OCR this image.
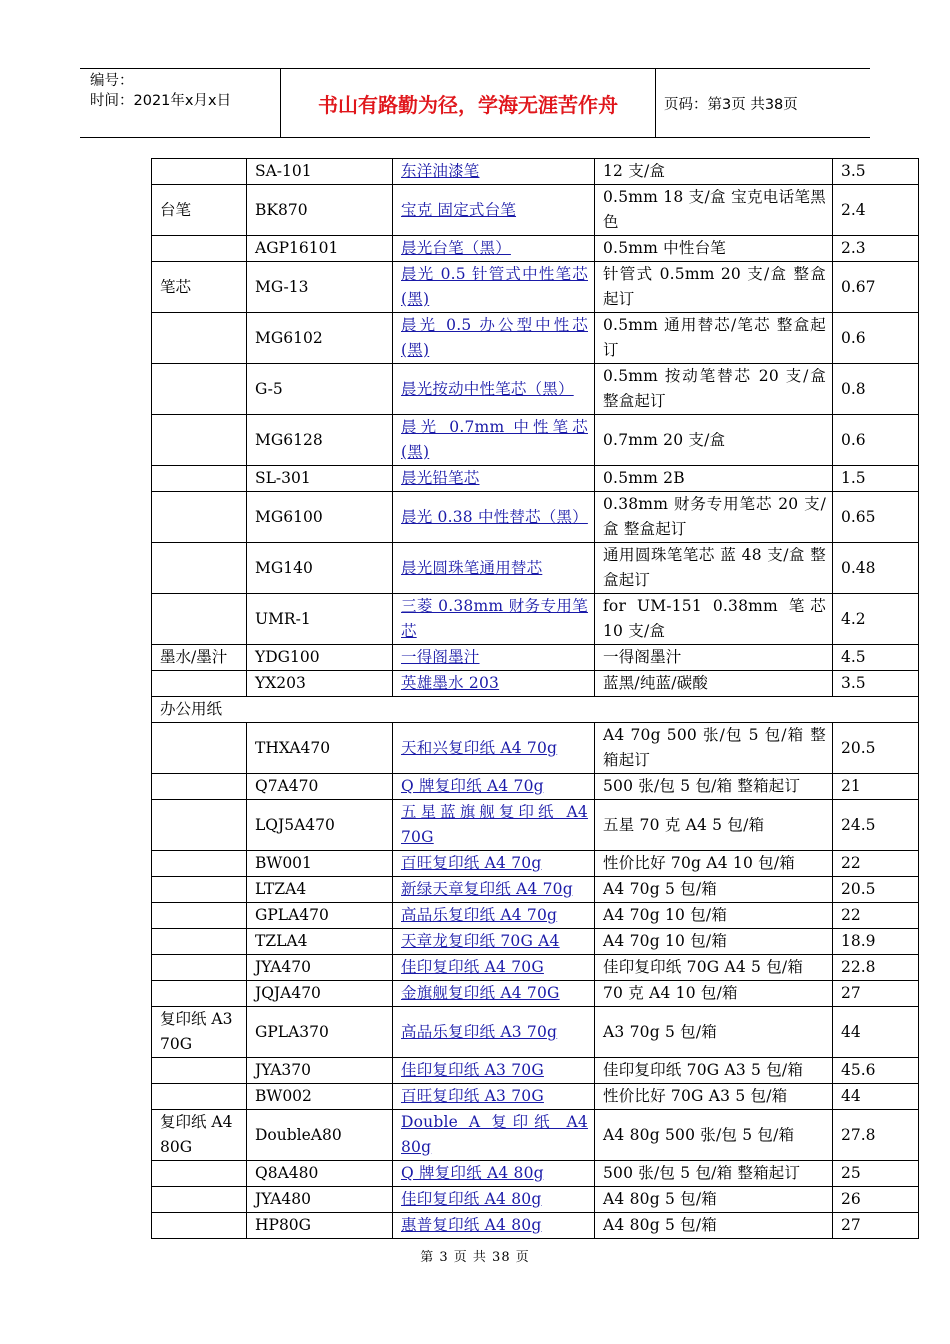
编号：
时间：2021年x月x日	书山有路勤为径，学海无涯苦作舟	页码：第3页 共38页
	SA-101	东洋油漆笔	12 支/盒	3.5
台笔	BK870	宝克 固定式台笔	0.5mm 18 支/盒 宝克电话笔黑色	2.4
	AGP16101	晨光台笔（黑）	0.5mm 中性台笔	2.3
笔芯	MG-13	晨光 0.5 针管式中性笔芯(黑)	针管式 0.5mm 20 支/盒 整盒起订	0.67
	MG6102	晨光 0.5 办公型中性芯(黑)	0.5mm 通用替芯/笔芯 整盒起订	0.6
	G-5	晨光按动中性笔芯（黑）	0.5mm 按动笔替芯 20 支/盒 整盒起订	0.8
	MG6128	晨光 0.7mm 中性笔芯(黑)	0.7mm 20 支/盒	0.6
	SL-301	晨光铅笔芯	0.5mm 2B	1.5
	MG6100	晨光 0.38 中性替芯（黑）	0.38mm 财务专用笔芯 20 支/盒 整盒起订	0.65
	MG140	晨光圆珠笔通用替芯	通用圆珠笔笔芯 蓝 48 支/盒 整盒起订	0.48
	UMR-1	三菱 0.38mm 财务专用笔芯	for UM-151 0.38mm 笔芯 10 支/盒	4.2
墨水/墨汁	YDG100	一得阁墨汁	一得阁墨汁	4.5
	YX203	英雄墨水 203	蓝黑/纯蓝/碳酸	3.5
办公用纸				
	THXA470	天和兴复印纸 A4 70g	A4 70g 500 张/包 5 包/箱 整箱起订	20.5
	Q7A470	Q 牌复印纸 A4 70g	500 张/包 5 包/箱 整箱起订	21
	LQJ5A470	五星蓝旗舰复印纸 A4 70G	五星 70 克 A4 5 包/箱	24.5
	BW001	百旺复印纸 A4 70g	性价比好 70g A4 10 包/箱	22
	LTZA4	新绿天章复印纸 A4 70g	A4 70g 5 包/箱	20.5
	GPLA470	高品乐复印纸 A4 70g	A4 70g 10 包/箱	22
	TZLA4	天章龙复印纸 70G A4	A4 70g 10 包/箱	18.9
	JYA470	佳印复印纸 A4 70G	佳印复印纸 70G A4 5 包/箱	22.8
	JQJA470	金旗舰复印纸 A4 70G	70 克 A4 10 包/箱	27
复印纸 A3 70G	GPLA370	高品乐复印纸 A3 70g	A3 70g 5 包/箱	44
	JYA370	佳印复印纸 A3 70G	佳印复印纸 70G A3 5 包/箱	45.6
	BW002	百旺复印纸 A3 70G	性价比好 70G A3 5 包/箱	44
复印纸 A4 80G	DoubleA80	Double A 复印纸 A4 80g	A4 80g 500 张/包 5 包/箱	27.8
	Q8A480	Q 牌复印纸 A4 80g	500 张/包 5 包/箱 整箱起订	25
	JYA480	佳印复印纸 A4 80g	A4 80g 5 包/箱	26
	HP80G	惠普复印纸 A4 80g	A4 80g 5 包/箱	27
第 3 页 共 38 页
